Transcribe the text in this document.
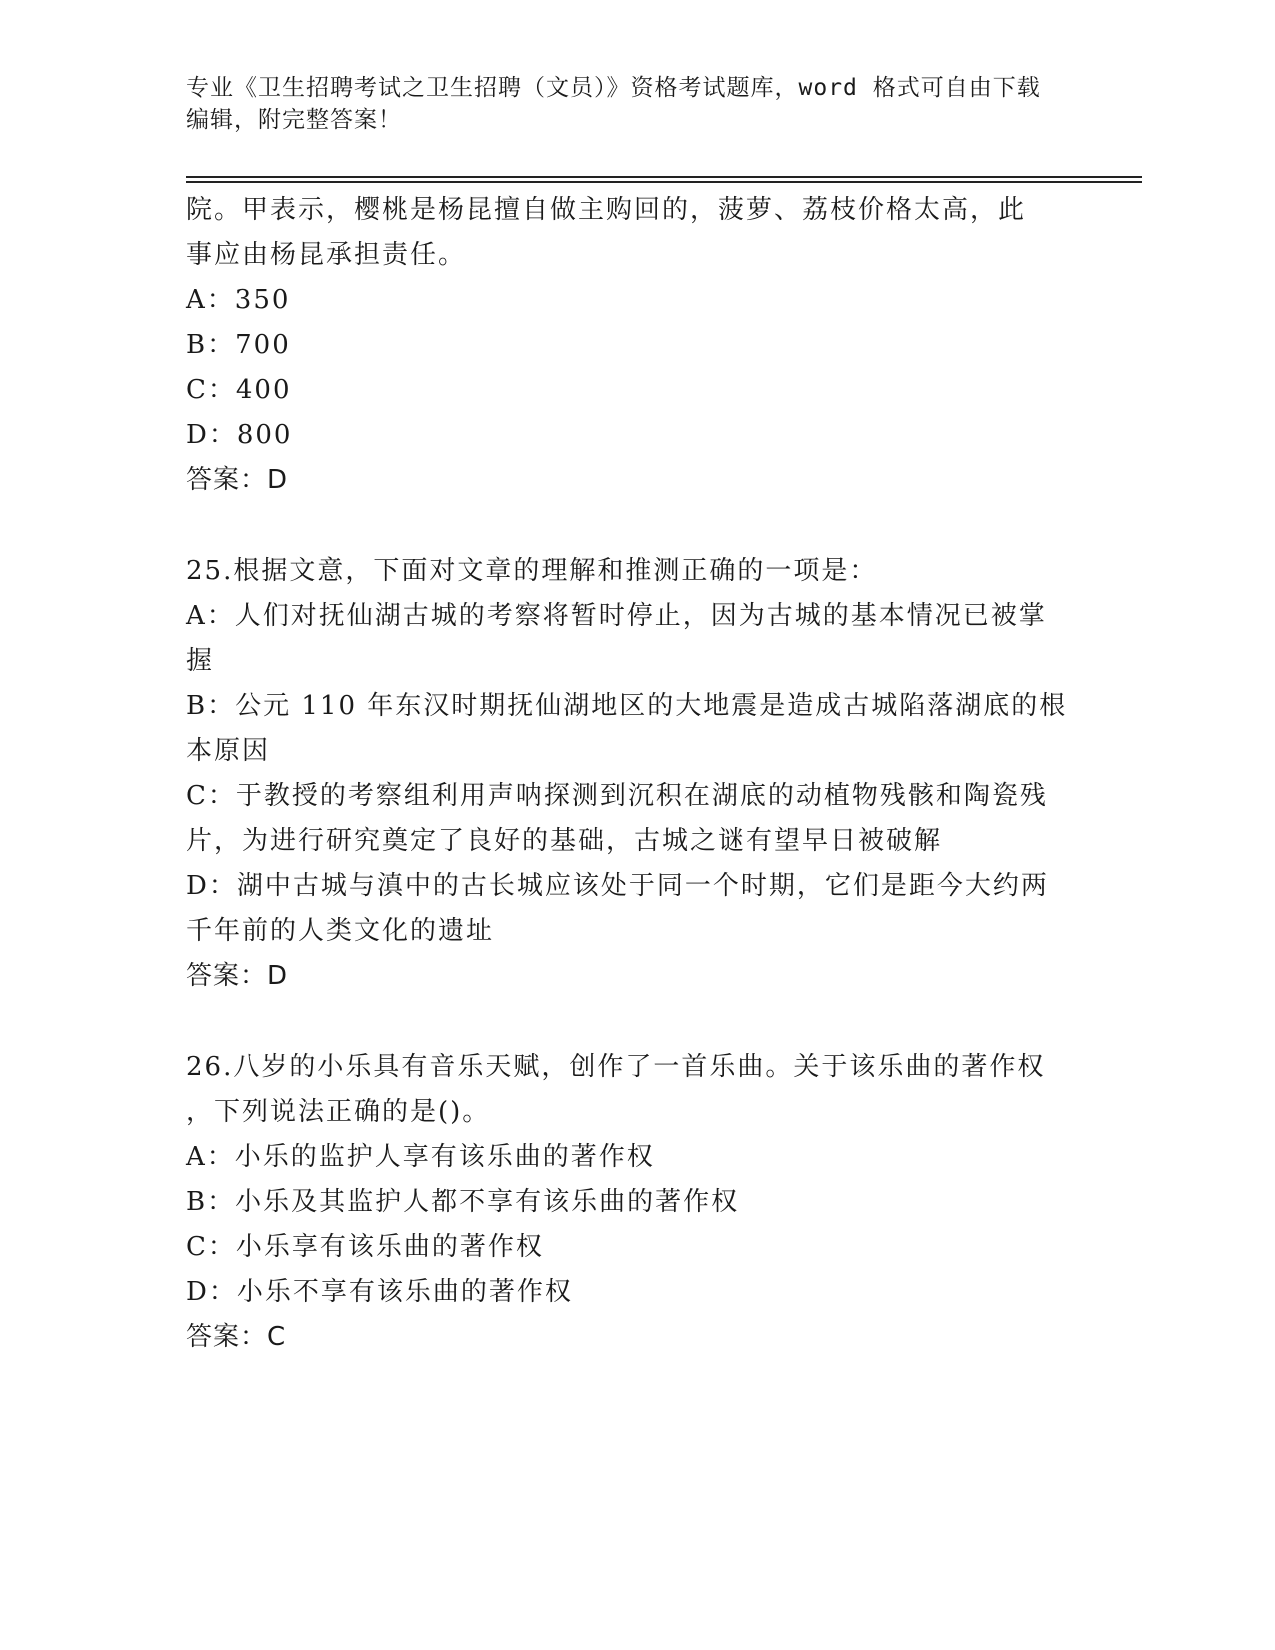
专业《卫生招聘考试之卫生招聘（文员）》资格考试题库，word 格式可自由下载
编辑，附完整答案！
院。甲表示，樱桃是杨昆擅自做主购回的，菠萝、荔枝价格太高，此
事应由杨昆承担责任。
A：350
B：700
C：400
D：800
答案：D
25.根据文意，下面对文章的理解和推测正确的一项是：
A：人们对抚仙湖古城的考察将暂时停止，因为古城的基本情况已被掌
握
B：公元 110 年东汉时期抚仙湖地区的大地震是造成古城陷落湖底的根
本原因
C：于教授的考察组利用声呐探测到沉积在湖底的动植物残骸和陶瓷残
片，为进行研究奠定了良好的基础，古城之谜有望早日被破解
D：湖中古城与滇中的古长城应该处于同一个时期，它们是距今大约两
千年前的人类文化的遗址
答案：D
26.八岁的小乐具有音乐天赋，创作了一首乐曲。关于该乐曲的著作权
，下列说法正确的是()。
A：小乐的监护人享有该乐曲的著作权
B：小乐及其监护人都不享有该乐曲的著作权
C：小乐享有该乐曲的著作权
D：小乐不享有该乐曲的著作权
答案：C
